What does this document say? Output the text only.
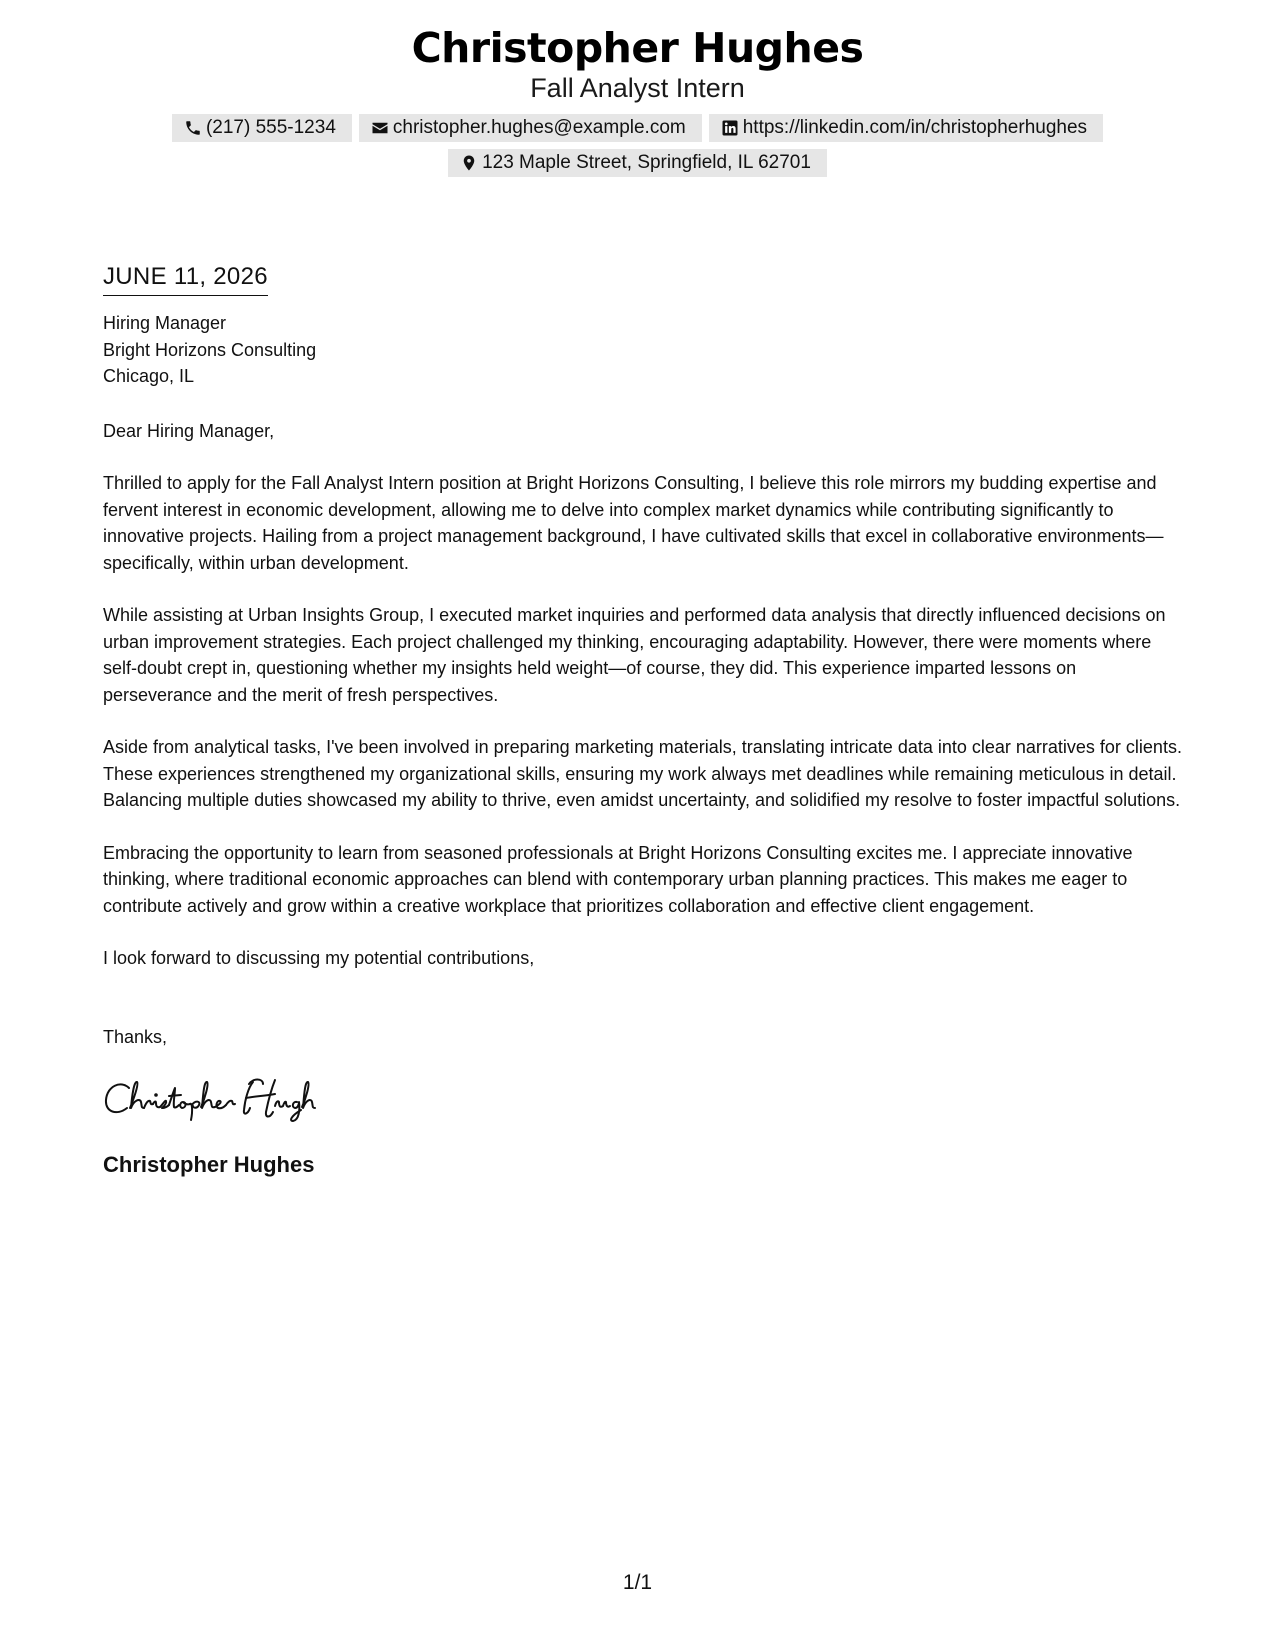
Christopher Hughes
Fall Analyst Intern
(217) 555-1234	christopher.hughes@example.com	https://linkedin.com/in/christopherhughes
123 Maple Street, Springfield, IL 62701
JUNE 11, 2026
Hiring Manager
Bright Horizons Consulting
Chicago, IL
Dear Hiring Manager,
Thrilled to apply for the Fall Analyst Intern position at Bright Horizons Consulting, I believe this role mirrors my budding expertise and fervent interest in economic development, allowing me to delve into complex market dynamics while contributing significantly to innovative projects. Hailing from a project management background, I have cultivated skills that excel in collaborative environments—specifically, within urban development.
While assisting at Urban Insights Group, I executed market inquiries and performed data analysis that directly influenced decisions on urban improvement strategies. Each project challenged my thinking, encouraging adaptability. However, there were moments where self-doubt crept in, questioning whether my insights held weight—of course, they did. This experience imparted lessons on perseverance and the merit of fresh perspectives.
Aside from analytical tasks, I've been involved in preparing marketing materials, translating intricate data into clear narratives for clients. These experiences strengthened my organizational skills, ensuring my work always met deadlines while remaining meticulous in detail. Balancing multiple duties showcased my ability to thrive, even amidst uncertainty, and solidified my resolve to foster impactful solutions.
Embracing the opportunity to learn from seasoned professionals at Bright Horizons Consulting excites me. I appreciate innovative thinking, where traditional economic approaches can blend with contemporary urban planning practices. This makes me eager to contribute actively and grow within a creative workplace that prioritizes collaboration and effective client engagement.
I look forward to discussing my potential contributions,
Thanks,
Christopher Hughes
1/1
